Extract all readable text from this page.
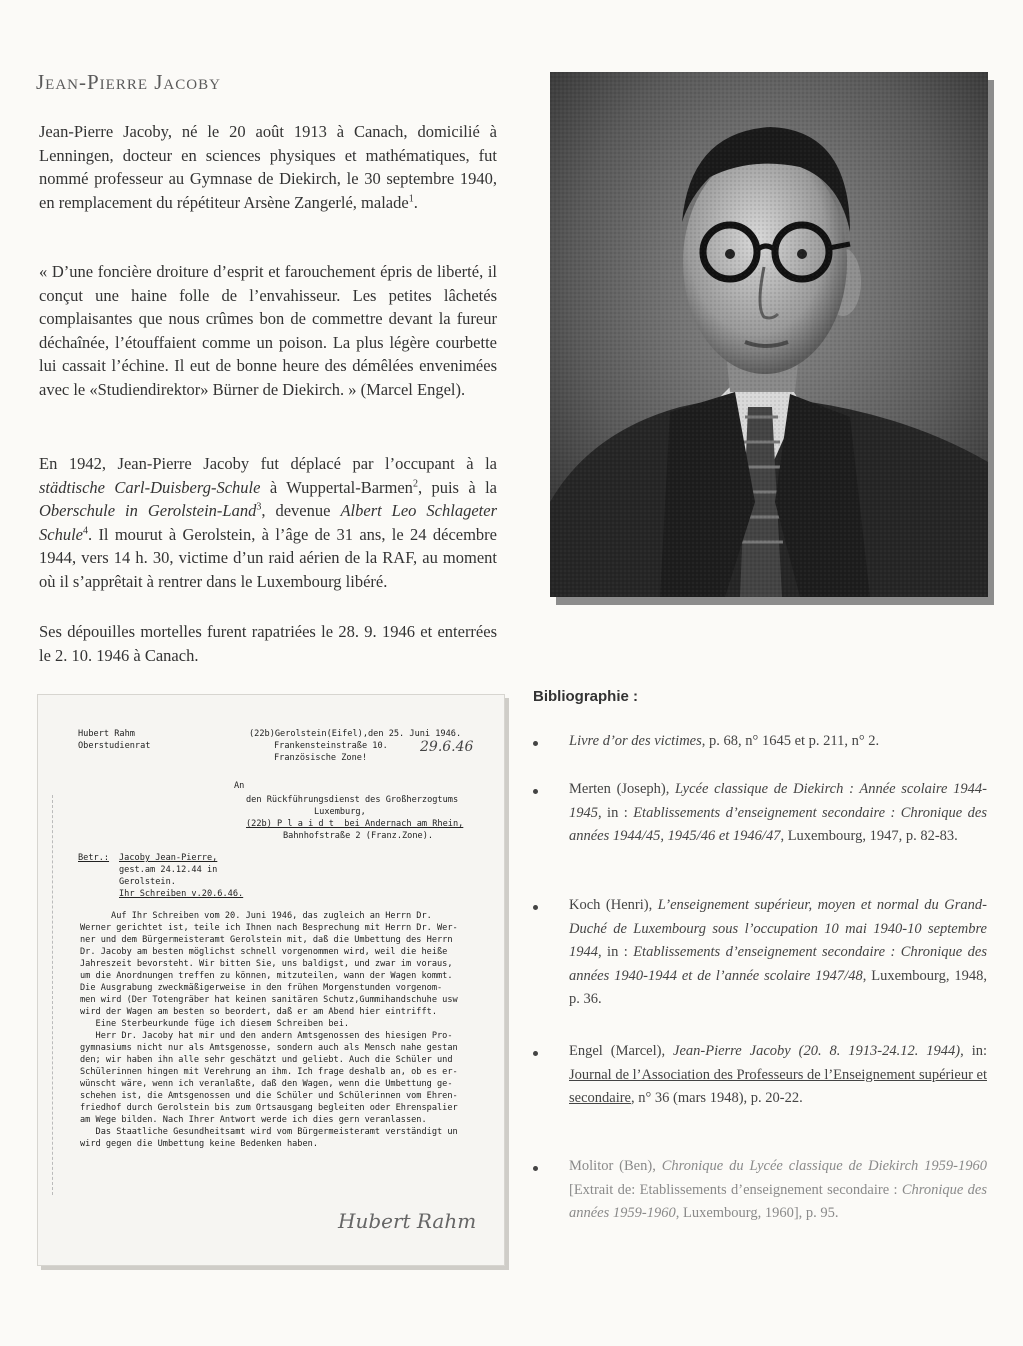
Jean-Pierre Jacoby

Jean-Pierre Jacoby, né le 20 août 1913 à Canach, domicilié à Lenningen, docteur en sciences physiques et mathématiques, fut nommé professeur au Gymnase de Diekirch, le 30 septembre 1940, en remplacement du répétiteur Arsène Zangerlé, malade$^1$.

« D’une foncière droiture d’esprit et farouchement épris de liberté, il conçut une haine folle de l’envahisseur. Les petites lâchetés complaisantes que nous crûmes bon de commettre devant la fureur déchaînée, l’étouffaient comme un poison. La plus légère courbette lui cassait l’échine. Il eut de bonne heure des démêlées envenimées avec le «Studiendirektor» Bürner de Diekirch. » (Marcel Engel).

En 1942, Jean-Pierre Jacoby fut déplacé par l’occupant à la städtische Carl-Duisberg-Schule à Wuppertal-Barmen$^2$, puis à la Oberschule in Gerolstein-Land$^3$, devenue Albert Leo Schlageter Schule$^4$. Il mourut à Gerolstein, à l’âge de 31 ans, le 24 décembre 1944, vers 14 h. 30, victime d’un raid aérien de la RAF, au moment où il s’apprêtait à rentrer dans le Luxembourg libéré.

Ses dépouilles mortelles furent rapatriées le 28. 9. 1946 et enterrées le 2. 10. 1946 à Canach.

Hubert Rahm
Oberstudienrat
(22b)Gerolstein(Eifel),den 25. Juni 1946.
Frankensteinstraße 10.
Französische Zone!
29.6.46
An
den Rückführungsdienst des Großherzogtums
Luxemburg,
(22b) P l a i d t  bei Andernach am Rhein,
Bahnhofstraße 2 (Franz.Zone).
Betr.: Jacoby Jean-Pierre,
gest.am 24.12.44 in
Gerolstein.
Ihr Schreiben v.20.6.46.
Auf Ihr Schreiben vom 20. Juni 1946, das zugleich an Herrn Dr.
Werner gerichtet ist, teile ich Ihnen nach Besprechung mit Herrn Dr. Wer-
ner und dem Bürgermeisteramt Gerolstein mit, daß die Umbettung des Herrn
Dr. Jacoby am besten möglichst schnell vorgenommen wird, weil die heiße
Jahreszeit bevorsteht. Wir bitten Sie, uns baldigst, und zwar im voraus,
um die Anordnungen treffen zu können, mitzuteilen, wann der Wagen kommt.
Die Ausgrabung zweckmäßigerweise in den frühen Morgenstunden vorgenom-
men wird (Der Totengräber hat keinen sanitären Schutz,Gummihandschuhe usw
wird der Wagen am besten so beordert, daß er am Abend hier eintrifft.
Eine Sterbeurkunde füge ich diesem Schreiben bei.
Herr Dr. Jacoby hat mir und den andern Amtsgenossen des hiesigen Pro-
gymnasiums nicht nur als Amtsgenosse, sondern auch als Mensch nahe gestan
den; wir haben ihn alle sehr geschätzt und geliebt. Auch die Schüler und
Schülerinnen hingen mit Verehrung an ihm. Ich frage deshalb an, ob es er-
wünscht wäre, wenn ich veranlaßte, daß den Wagen, wenn die Umbettung ge-
schehen ist, die Amtsgenossen und die Schüler und Schülerinnen vom Ehren-
friedhof durch Gerolstein bis zum Ortsausgang begleiten oder Ehrenspalier
am Wege bilden. Nach Ihrer Antwort werde ich dies gern veranlassen.
Das Staatliche Gesundheitsamt wird vom Bürgermeisteramt verständigt un
wird gegen die Umbettung keine Bedenken haben.
Hubert Rahm
Bibliographie :

Livre d’or des victimes, p. 68, n° 1645 et p. 211, n° 2.

Merten (Joseph), Lycée classique de Diekirch : Année scolaire 1944-1945, in : Etablissements d’enseignement secondaire : Chronique des années 1944/45, 1945/46 et 1946/47, Luxembourg, 1947, p. 82-83.

Koch (Henri), L’enseignement supérieur, moyen et normal du Grand-Duché de Luxembourg sous l’occupation 10 mai 1940-10 septembre 1944, in : Etablissements d’enseignement secondaire : Chronique des années 1940-1944 et de l’année scolaire 1947/48, Luxembourg, 1948, p. 36.

Engel (Marcel), Jean-Pierre Jacoby (20. 8. 1913-24.12. 1944), in: Journal de l’Association des Professeurs de l’Enseignement supérieur et secondaire, n° 36 (mars 1948), p. 20-22.

Molitor (Ben), Chronique du Lycée classique de Diekirch 1959-1960 [Extrait de: Etablissements d’enseignement secondaire : Chronique des années 1959-1960, Luxembourg, 1960], p. 95.
